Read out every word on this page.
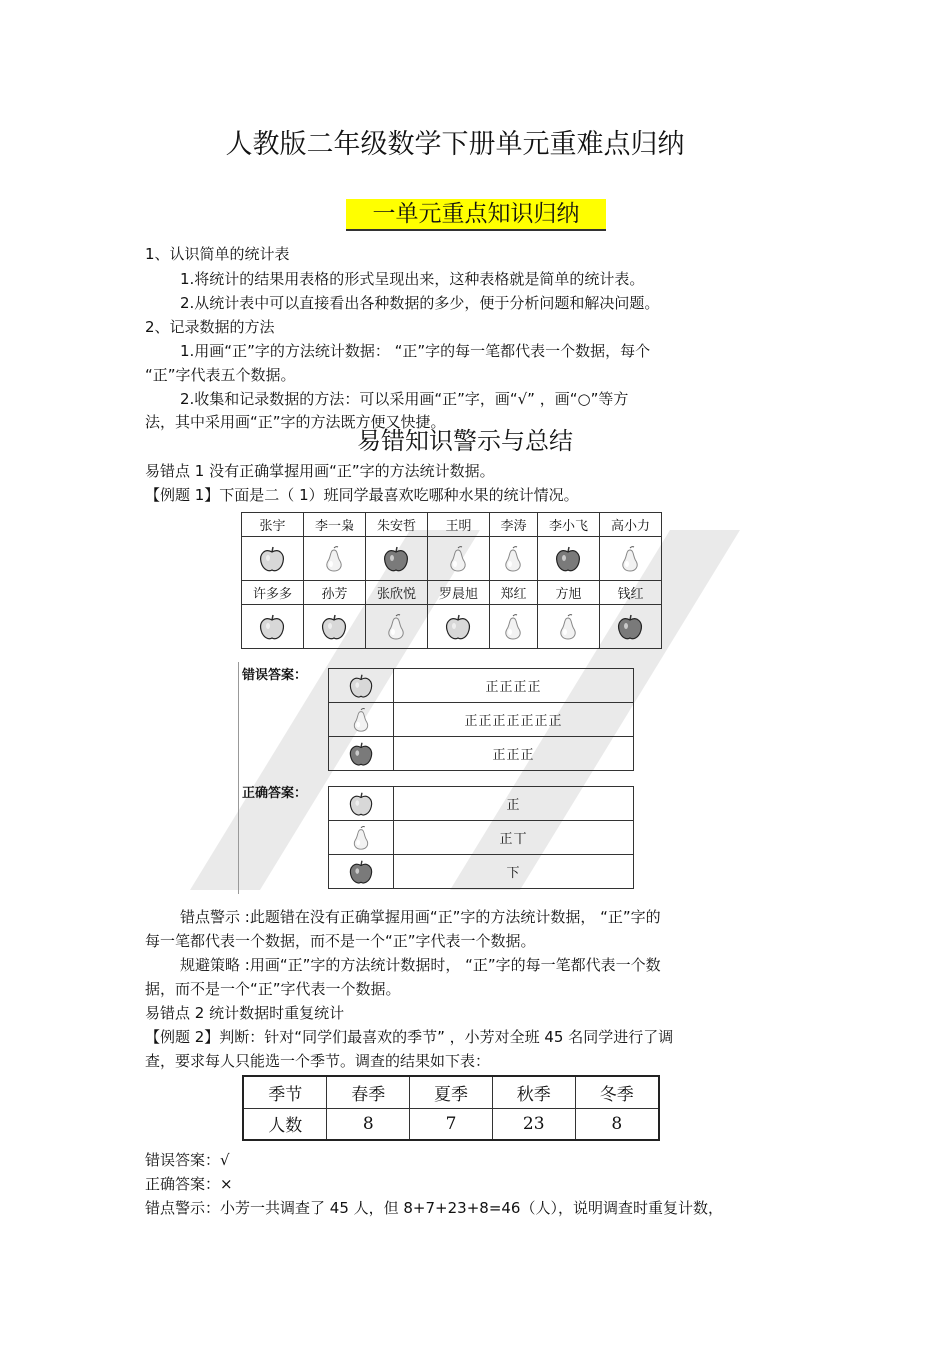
人教版二年级数学下册单元重难点归纳
一单元重点知识归纳
1、认识简单的统计表
1.将统计的结果用表格的形式呈现出来，这种表格就是简单的统计表。
2.从统计表中可以直接看出各种数据的多少，便于分析问题和解决问题。
2、记录数据的方法
1.用画“正”字的方法统计数据： “正”字的每一笔都代表一个数据，每个
“正”字代表五个数据。
2.收集和记录数据的方法：可以采用画“正”字，画“√” ，画“○”等方
法，其中采用画“正”字的方法既方便又快捷。
易错知识警示与总结
易错点 1 没有正确掌握用画“正”字的方法统计数据。
【例题 1】下面是二（ 1）班同学最喜欢吃哪种水果的统计情况。
张宇	李一枭	朱安哲	王明	李涛	李小飞	高小力

许多多	孙芳	张欣悦	罗晨旭	郑红	方旭	钱红

错误答案：
	正正正正
	正正正正正正正
	正正正
正确答案：
	正
	正丅
	下
错点警示 :此题错在没有正确掌握用画“正”字的方法统计数据， “正”字的
每一笔都代表一个数据，而不是一个“正”字代表一个数据。
规避策略 :用画“正”字的方法统计数据时， “正”字的每一笔都代表一个数
据，而不是一个“正”字代表一个数据。
易错点 2 统计数据时重复统计
【例题 2】判断：针对“同学们最喜欢的季节” ，小芳对全班 45 名同学进行了调
查，要求每人只能选一个季节。调查的结果如下表：
季节	春季	夏季	秋季	冬季
人数	8	7	23	8
错误答案：√
正确答案：×
错点警示：小芳一共调查了 45 人，但 8+7+23+8=46（人），说明调查时重复计数，
